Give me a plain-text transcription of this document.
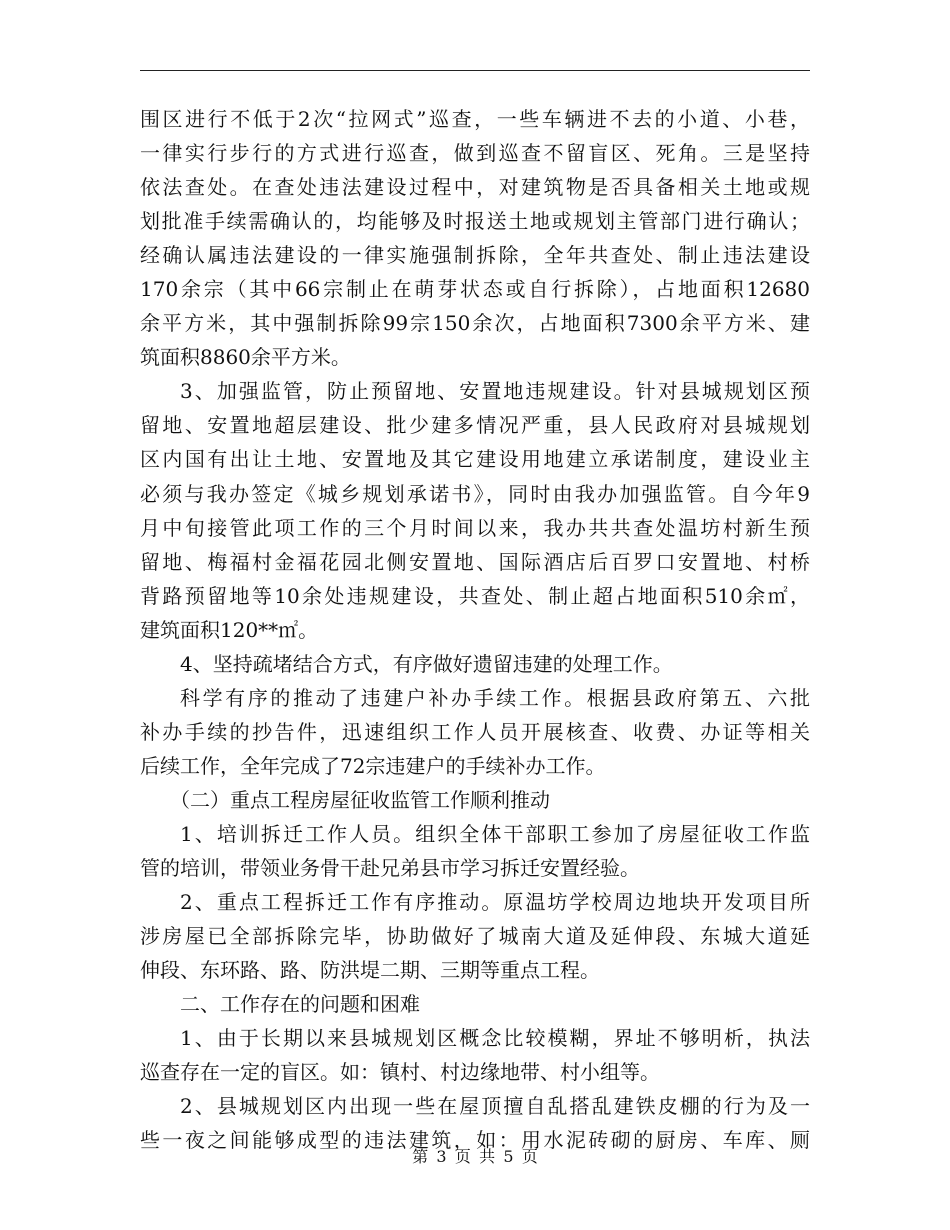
围区进行不低于2次“拉网式”巡查，一些车辆进不去的小道、小巷，
一律实行步行的方式进行巡查，做到巡查不留盲区、死角。三是坚持
依法查处。在查处违法建设过程中，对建筑物是否具备相关土地或规
划批准手续需确认的，均能够及时报送土地或规划主管部门进行确认；
经确认属违法建设的一律实施强制拆除，全年共查处、制止违法建设
170余宗（其中66宗制止在萌芽状态或自行拆除），占地面积12680
余平方米，其中强制拆除99宗150余次，占地面积7300余平方米、建
筑面积8860余平方米。
3、加强监管，防止预留地、安置地违规建设。针对县城规划区预
留地、安置地超层建设、批少建多情况严重，县人民政府对县城规划
区内国有出让土地、安置地及其它建设用地建立承诺制度，建设业主
必须与我办签定《城乡规划承诺书》，同时由我办加强监管。自今年9
月中旬接管此项工作的三个月时间以来，我办共共查处温坊村新生预
留地、梅福村金福花园北侧安置地、国际酒店后百罗口安置地、村桥
背路预留地等10余处违规建设，共查处、制止超占地面积510余㎡，
建筑面积120**㎡。
4、坚持疏堵结合方式，有序做好遗留违建的处理工作。
科学有序的推动了违建户补办手续工作。根据县政府第五、六批
补办手续的抄告件，迅速组织工作人员开展核查、收费、办证等相关
后续工作，全年完成了72宗违建户的手续补办工作。
（二）重点工程房屋征收监管工作顺利推动
1、培训拆迁工作人员。组织全体干部职工参加了房屋征收工作监
管的培训，带领业务骨干赴兄弟县市学习拆迁安置经验。
2、重点工程拆迁工作有序推动。原温坊学校周边地块开发项目所
涉房屋已全部拆除完毕，协助做好了城南大道及延伸段、东城大道延
伸段、东环路、路、防洪堤二期、三期等重点工程。
二、工作存在的问题和困难
1、由于长期以来县城规划区概念比较模糊，界址不够明析，执法
巡查存在一定的盲区。如：镇村、村边缘地带、村小组等。
2、县城规划区内出现一些在屋顶擅自乱搭乱建铁皮棚的行为及一
些一夜之间能够成型的违法建筑，如：用水泥砖砌的厨房、车库、厕
第 3 页 共 5 页
